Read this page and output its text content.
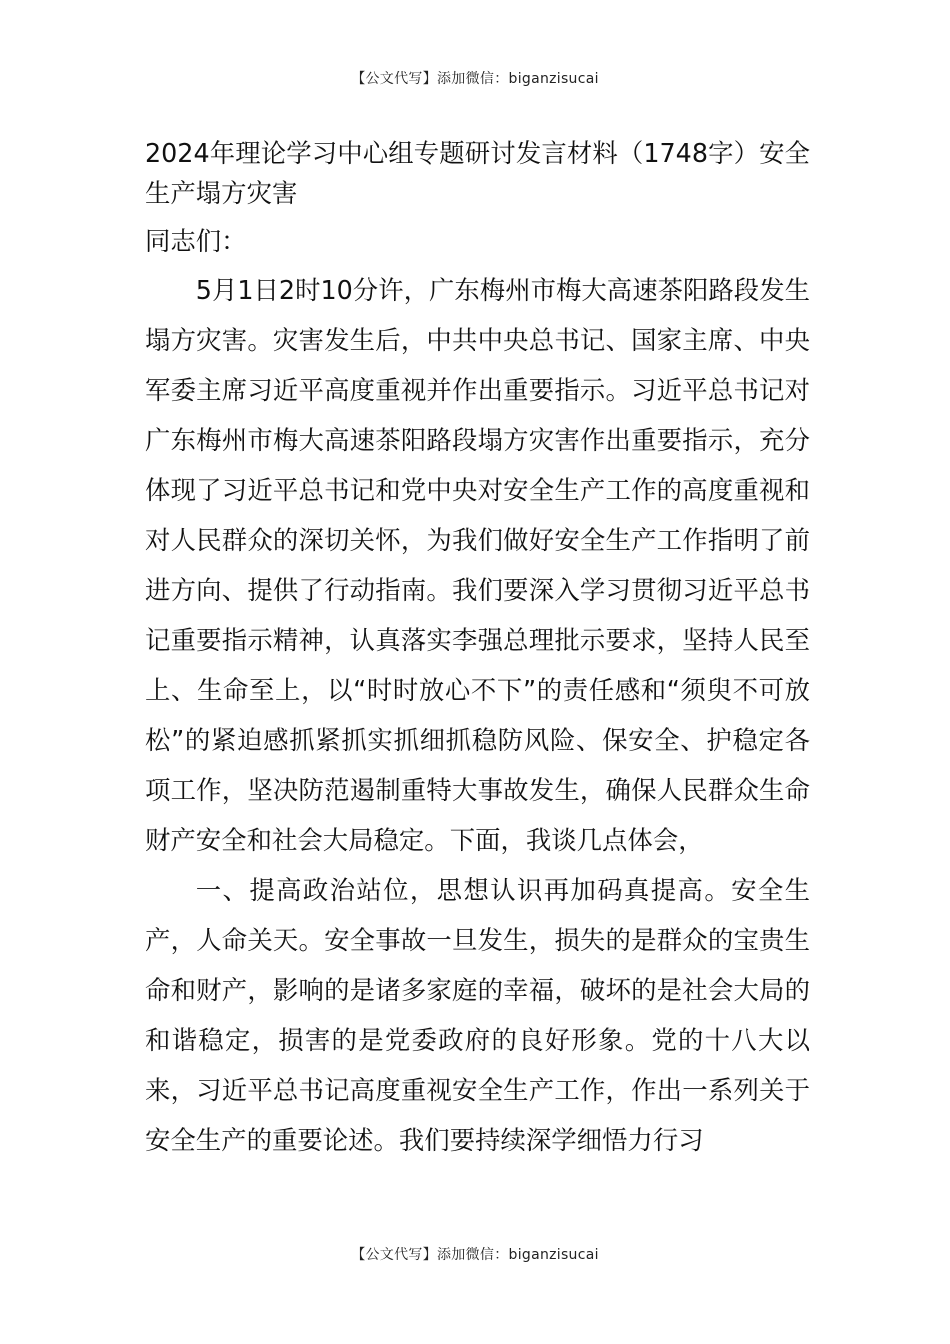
【公文代写】添加微信：biganzisucai
2024年理论学习中心组专题研讨发言材料（1748字）安全生产塌方灾害

同志们：

5月1日2时10分许，广东梅州市梅大高速茶阳路段发生塌方灾害。灾害发生后，中共中央总书记、国家主席、中央军委主席习近平高度重视并作出重要指示。习近平总书记对广东梅州市梅大高速茶阳路段塌方灾害作出重要指示，充分体现了习近平总书记和党中央对安全生产工作的高度重视和对人民群众的深切关怀，为我们做好安全生产工作指明了前进方向、提供了行动指南。我们要深入学习贯彻习近平总书记重要指示精神，认真落实李强总理批示要求，坚持人民至上、生命至上，以“时时放心不下”的责任感和“须臾不可放松”的紧迫感抓紧抓实抓细抓稳防风险、保安全、护稳定各项工作，坚决防范遏制重特大事故发生，确保人民群众生命财产安全和社会大局稳定。下面，我谈几点体会，

一、提高政治站位，思想认识再加码真提高。安全生产，人命关天。安全事故一旦发生，损失的是群众的宝贵生命和财产，影响的是诸多家庭的幸福，破坏的是社会大局的和谐稳定，损害的是党委政府的良好形象。党的十八大以来，习近平总书记高度重视安全生产工作，作出一系列关于安全生产的重要论述。我们要持续深学细悟力行习

【公文代写】添加微信：biganzisucai
